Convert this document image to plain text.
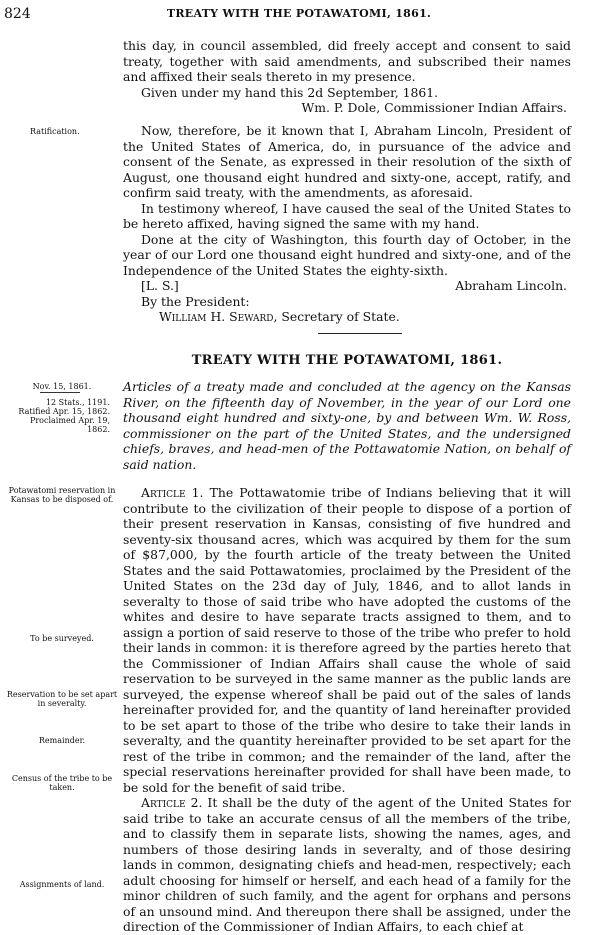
824	TREATY WITH THE POTAWATOMI, 1861.

this day, in council assembled, did freely accept and consent to said treaty, together with said amendments, and subscribed their names and affixed their seals thereto in my presence.

Given under my hand this 2d September, 1861.

Wm. P. Dole, Commissioner Indian Affairs.

Ratification.	Now, therefore, be it known that I, Abraham Lincoln, President of the United States of America, do, in pursuance of the advice and consent of the Senate, as expressed in their resolution of the sixth of August, one thousand eight hundred and sixty-one, accept, ratify, and confirm said treaty, with the amendments, as aforesaid.

In testimony whereof, I have caused the seal of the United States to be hereto affixed, having signed the same with my hand.

Done at the city of Washington, this fourth day of October, in the year of our Lord one thousand eight hundred and sixty-one, and of the Independence of the United States the eighty-sixth.

[L. S.]	Abraham Lincoln.

By the President:

William H. Seward, Secretary of State.

TREATY WITH THE POTAWATOMI, 1861.
Nov. 15, 1861.
12 Stats., 1191.
Ratified Apr. 15, 1862.
Proclaimed Apr. 19, 1862.
Articles of a treaty made and concluded at the agency on the Kansas River, on the fifteenth day of November, in the year of our Lord one thousand eight hundred and sixty-one, by and between Wm. W. Ross, commissioner on the part of the United States, and the undersigned chiefs, braves, and head-men of the Pottawatomie Nation, on behalf of said nation.
Potawatomi reservation in Kansas to be disposed of.
To be surveyed.
Reservation to be set apart in severalty.
Remainder.
Census of the tribe to be taken.
Assignments of land.

Article 1. The Pottawatomie tribe of Indians believing that it will contribute to the civilization of their people to dispose of a portion of their present reservation in Kansas, consisting of five hundred and seventy-six thousand acres, which was acquired by them for the sum of $87,000, by the fourth article of the treaty between the United States and the said Pottawatomies, proclaimed by the President of the United States on the 23d day of July, 1846, and to allot lands in severalty to those of said tribe who have adopted the customs of the whites and desire to have separate tracts assigned to them, and to assign a portion of said reserve to those of the tribe who prefer to hold their lands in common: it is therefore agreed by the parties hereto that the Commissioner of Indian Affairs shall cause the whole of said reservation to be surveyed in the same manner as the public lands are surveyed, the expense whereof shall be paid out of the sales of lands hereinafter provided for, and the quantity of land hereinafter provided to be set apart to those of the tribe who desire to take their lands in severalty, and the quantity hereinafter provided to be set apart for the rest of the tribe in common; and the remainder of the land, after the special reservations hereinafter provided for shall have been made, to be sold for the benefit of said tribe.

Article 2. It shall be the duty of the agent of the United States for said tribe to take an accurate census of all the members of the tribe, and to classify them in separate lists, showing the names, ages, and numbers of those desiring lands in severalty, and of those desiring lands in common, designating chiefs and head-men, respectively; each adult choosing for himself or herself, and each head of a family for the minor children of such family, and the agent for orphans and persons of an unsound mind. And thereupon there shall be assigned, under the direction of the Commissioner of Indian Affairs, to each chief at
